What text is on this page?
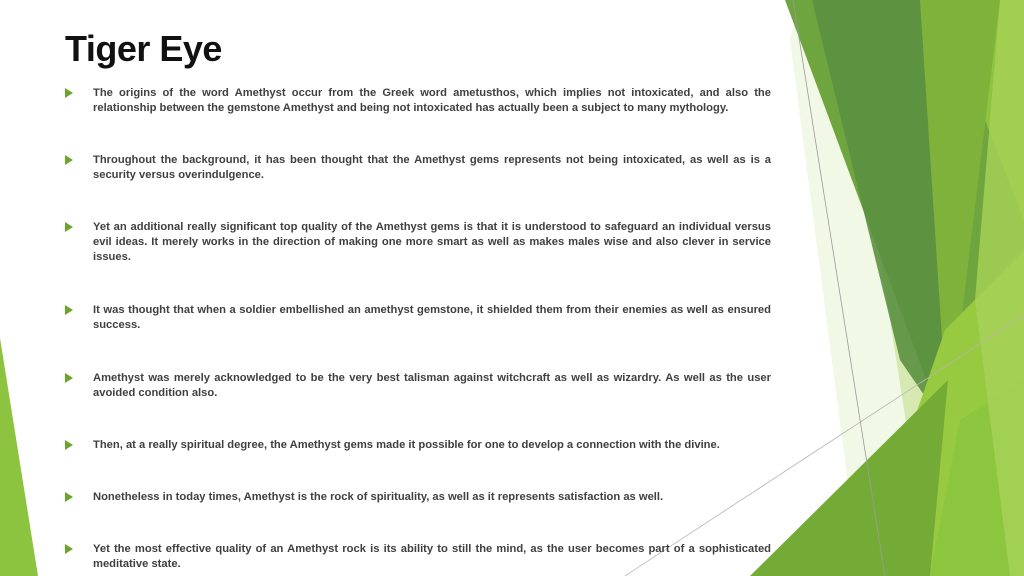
Tiger Eye
The origins of the word Amethyst occur from the Greek word ametusthos, which implies not intoxicated, and also the relationship between the gemstone Amethyst and being not intoxicated has actually been a subject to many mythology.
Throughout the background, it has been thought that the Amethyst gems represents not being intoxicated, as well as is a security versus overindulgence.
Yet an additional really significant top quality of the Amethyst gems is that it is understood to safeguard an individual versus evil ideas. It merely works in the direction of making one more smart as well as makes males wise and also clever in service issues.
It was thought that when a soldier embellished an amethyst gemstone, it shielded them from their enemies as well as ensured success.
Amethyst was merely acknowledged to be the very best talisman against witchcraft as well as wizardry. As well as the user avoided condition also.
Then, at a really spiritual degree, the Amethyst gems made it possible for one to develop a connection with the divine.
Nonetheless in today times, Amethyst is the rock of spirituality, as well as it represents satisfaction as well.
Yet the most effective quality of an Amethyst rock is its ability to still the mind, as the user becomes part of a sophisticated meditative state.
